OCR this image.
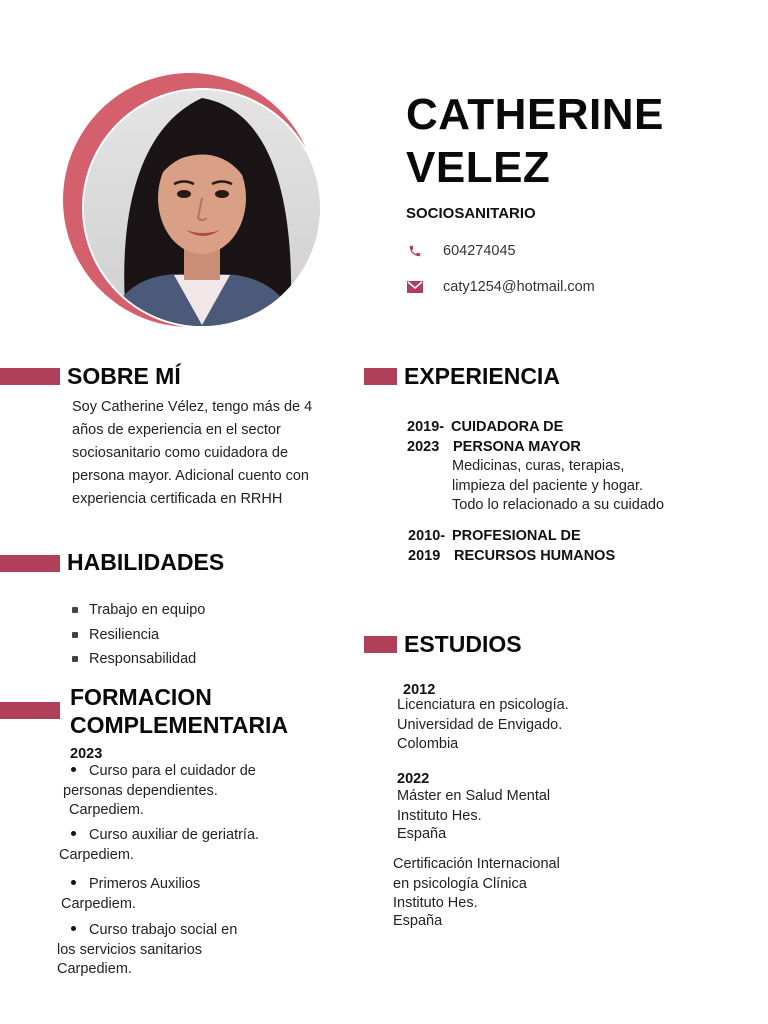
CATHERINE
VELEZ
SOCIOSANITARIO
604274045
caty1254@hotmail.com
SOBRE MÍ
Soy Catherine Vélez, tengo más de 4
años de experiencia en el sector
sociosanitario como cuidadora de
persona mayor. Adicional cuento con
experiencia certificada en RRHH
HABILIDADES
Trabajo en equipo
Resiliencia
Responsabilidad
FORMACION
COMPLEMENTARIA
2023
Curso para el cuidador de
personas dependientes.
Carpediem.
Curso auxiliar de geriatría.
Carpediem.
Primeros Auxilios
Carpediem.
Curso trabajo social en
los servicios sanitarios
Carpediem.
EXPERIENCIA
2019- CUIDADORA DE
2023 PERSONA MAYOR
Medicinas, curas, terapias,
limpieza del paciente y hogar.
Todo lo relacionado a su cuidado
2010- PROFESIONAL DE
2019 RECURSOS HUMANOS
ESTUDIOS
2012
Licenciatura en psicología.
Universidad de Envigado.
Colombia
2022
Máster en Salud Mental
Instituto Hes.
España
Certificación Internacional
en psicología Clínica
Instituto Hes.
España
